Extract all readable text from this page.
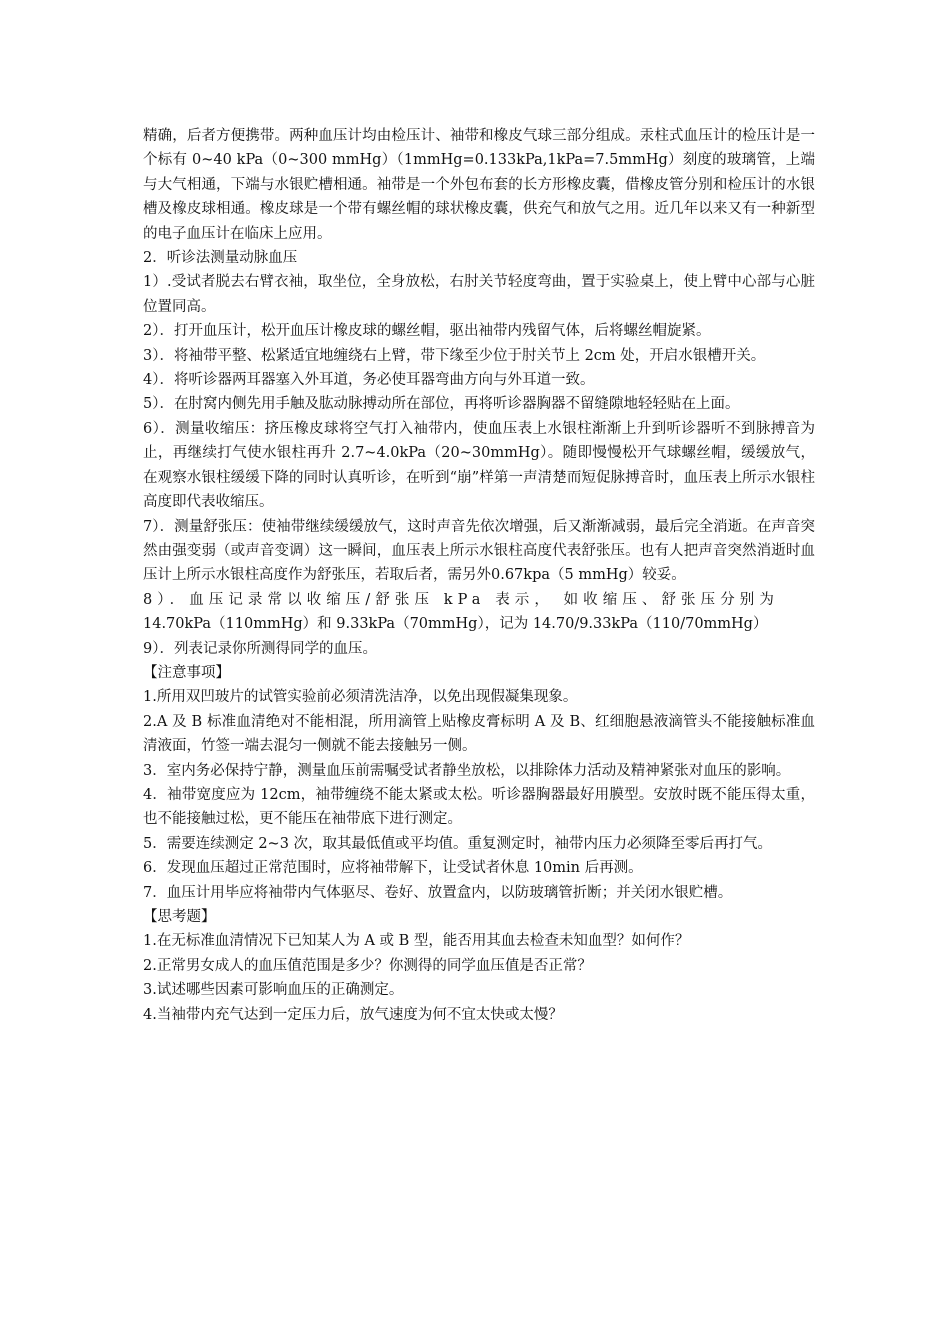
精确，后者方便携带。两种血压计均由检压计、袖带和橡皮气球三部分组成。汞柱式血压计的检压计是一个标有 0~40 kPa（0~300 mmHg）（1mmHg=0.133kPa,1kPa=7.5mmHg）刻度的玻璃管，上端与大气相通，下端与水银贮槽相通。袖带是一个外包布套的长方形橡皮囊，借橡皮管分别和检压计的水银槽及橡皮球相通。橡皮球是一个带有螺丝帽的球状橡皮囊，供充气和放气之用。近几年以来又有一种新型的电子血压计在临床上应用。

2．听诊法测量动脉血压

1）.受试者脱去右臂衣袖，取坐位，全身放松，右肘关节轻度弯曲，置于实验桌上，使上臂中心部与心脏位置同高。

2）．打开血压计，松开血压计橡皮球的螺丝帽，驱出袖带内残留气体，后将螺丝帽旋紧。

3）．将袖带平整、松紧适宜地缠绕右上臂，带下缘至少位于肘关节上 2cm 处，开启水银槽开关。

4）．将听诊器两耳器塞入外耳道，务必使耳器弯曲方向与外耳道一致。

5）．在肘窝内侧先用手触及肱动脉搏动所在部位，再将听诊器胸器不留缝隙地轻轻贴在上面。

6）．测量收缩压：挤压橡皮球将空气打入袖带内，使血压表上水银柱渐渐上升到听诊器听不到脉搏音为止，再继续打气使水银柱再升 2.7~4.0kPa（20~30mmHg）。随即慢慢松开气球螺丝帽，缓缓放气，在观察水银柱缓缓下降的同时认真听诊，在听到“崩”样第一声清楚而短促脉搏音时，血压表上所示水银柱高度即代表收缩压。

7）．测量舒张压：使袖带继续缓缓放气，这时声音先依次增强，后又渐渐减弱，最后完全消逝。在声音突然由强变弱（或声音变调）这一瞬间，血压表上所示水银柱高度代表舒张压。也有人把声音突然消逝时血压计上所示水银柱高度作为舒张压，若取后者，需另外0.67kpa（5 mmHg）较妥。

8）．血压记录常以收缩压/舒张压 kPa 表示， 如收缩压、舒张压分别为

14.70kPa（110mmHg）和 9.33kPa（70mmHg），记为 14.70/9.33kPa（110/70mmHg）

9）．列表记录你所测得同学的血压。

【注意事项】

1.所用双凹玻片的试管实验前必须清洗洁净，以免出现假凝集现象。

2.A 及 B 标准血清绝对不能相混，所用滴管上贴橡皮膏标明 A 及 B、红细胞悬液滴管头不能接触标准血清液面，竹签一端去混匀一侧就不能去接触另一侧。

3．室内务必保持宁静，测量血压前需嘱受试者静坐放松，以排除体力活动及精神紧张对血压的影响。

4．袖带宽度应为 12cm，袖带缠绕不能太紧或太松。听诊器胸器最好用膜型。安放时既不能压得太重，也不能接触过松，更不能压在袖带底下进行测定。

5．需要连续测定 2~3 次，取其最低值或平均值。重复测定时，袖带内压力必须降至零后再打气。

6．发现血压超过正常范围时，应将袖带解下，让受试者休息 10min 后再测。

7．血压计用毕应将袖带内气体驱尽、卷好、放置盒内，以防玻璃管折断；并关闭水银贮槽。

【思考题】

1.在无标准血清情况下已知某人为 A 或 B 型，能否用其血去检查未知血型？如何作？

2.正常男女成人的血压值范围是多少？你测得的同学血压值是否正常？

3.试述哪些因素可影响血压的正确测定。

4.当袖带内充气达到一定压力后，放气速度为何不宜太快或太慢？
